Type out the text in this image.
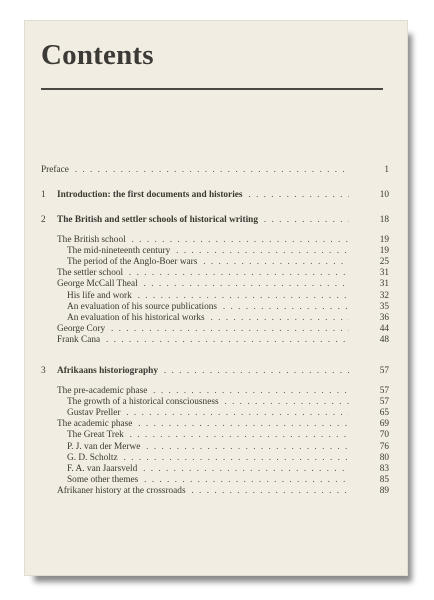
Contents
Preface . . .	1
1	Introduction: the first documents and histories . . .	10
2	The British and settler schools of historical writing . . .	18
The British school . . .	19
The mid-nineteenth century . . .	19
The period of the Anglo-Boer wars . . .	25
The settler school . . .	31
George McCall Theal . . .	31
His life and work . . .	32
An evaluation of his source publications . . .	35
An evaluation of his historical works . . .	36
George Cory . . .	44
Frank Cana . . .	48
3	Afrikaans historiography . . .	57
The pre-academic phase . . .	57
The growth of a historical consciousness . . .	57
Gustav Preller . . .	65
The academic phase . . .	69
The Great Trek . . .	70
P. J. van der Merwe . . .	76
G. D. Scholtz . . .	80
F. A. van Jaarsveld . . .	83
Some other themes . . .	85
Afrikaner history at the crossroads . . .	89
